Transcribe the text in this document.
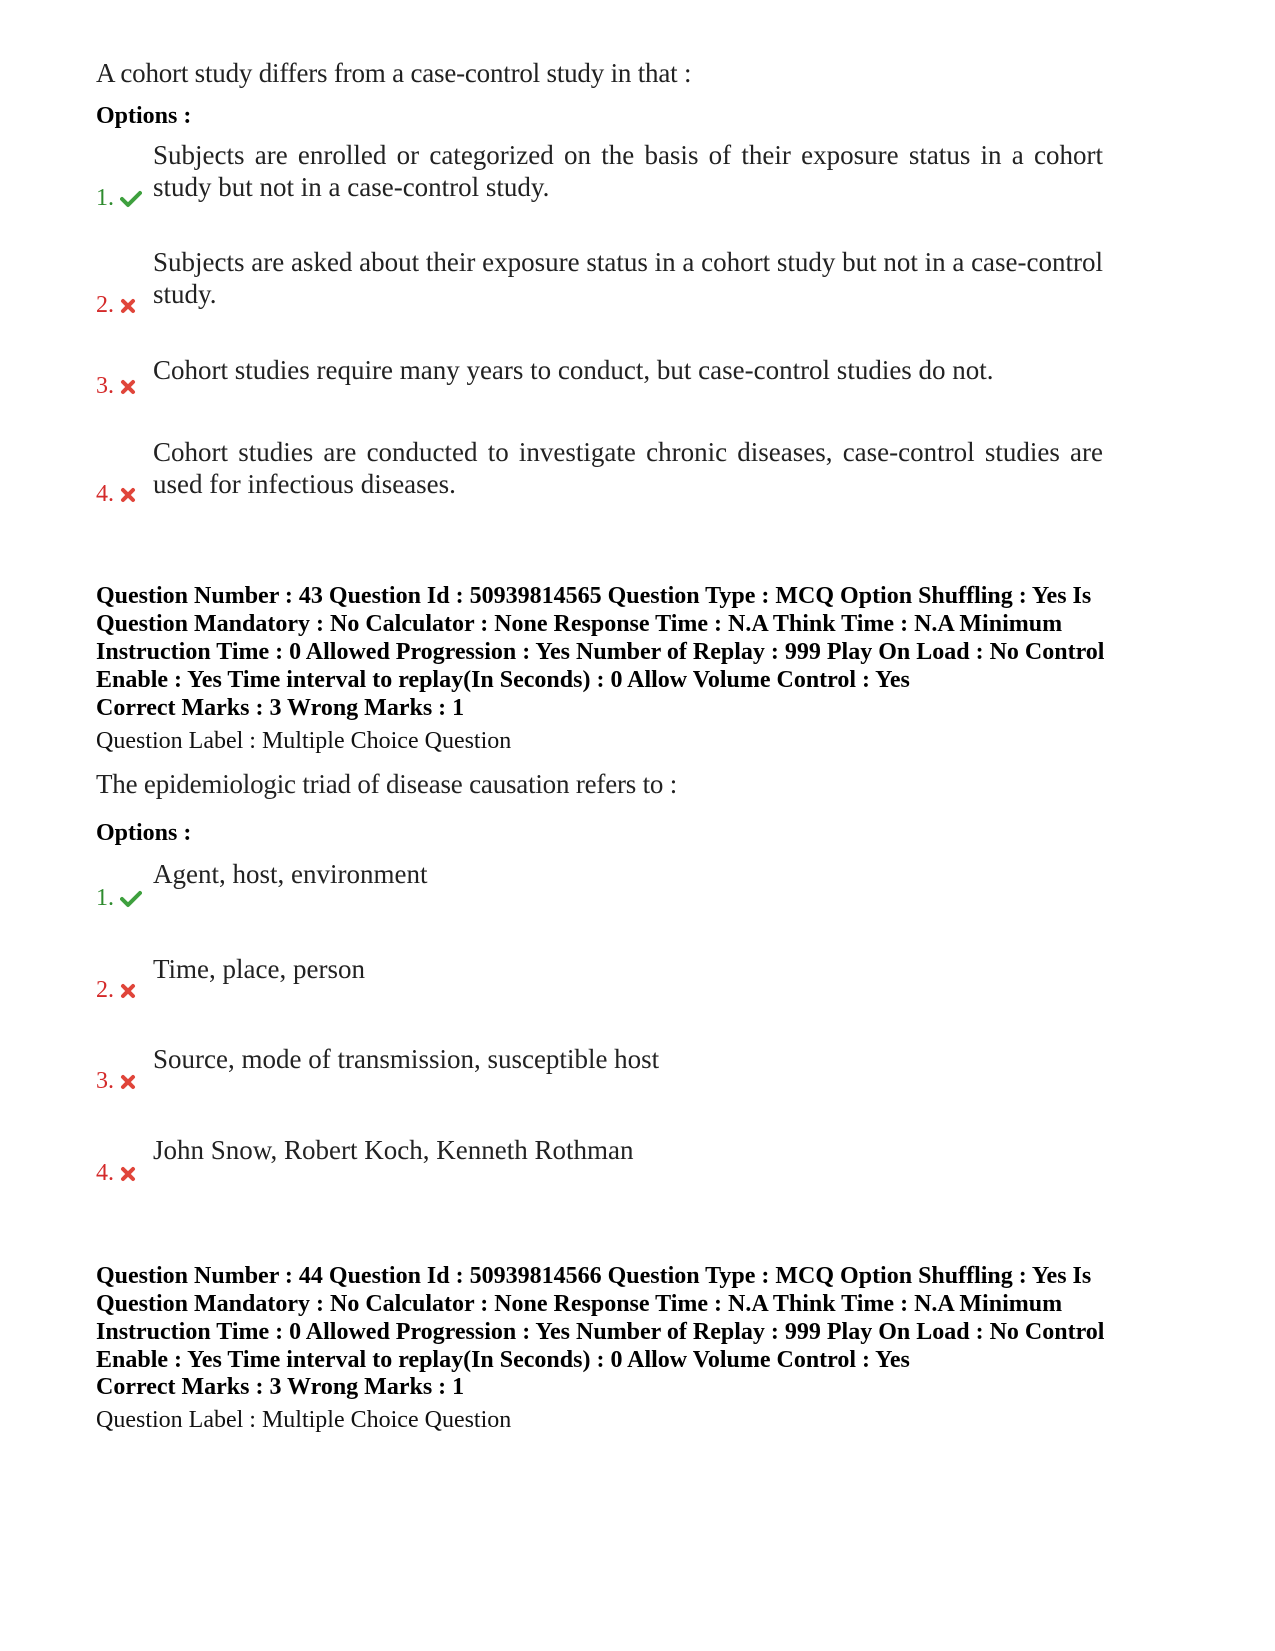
A cohort study differs from a case-control study in that :
Options :
Subjects are enrolled or categorized on the basis of their exposure status in a cohort study but not in a case-control study.
1.
Subjects are asked about their exposure status in a cohort study but not in a case-control study.
2.
Cohort studies require many years to conduct, but case-control studies do not.
3.
Cohort studies are conducted to investigate chronic diseases, case-control studies are used for infectious diseases.
4.
Question Number : 43 Question Id : 50939814565 Question Type : MCQ Option Shuffling : Yes Is Question Mandatory : No Calculator : None Response Time : N.A Think Time : N.A Minimum Instruction Time : 0 Allowed Progression : Yes Number of Replay : 999 Play On Load : No Control Enable : Yes Time interval to replay(In Seconds) : 0 Allow Volume Control : Yes
Correct Marks : 3 Wrong Marks : 1
Question Label : Multiple Choice Question
The epidemiologic triad of disease causation refers to :
Options :
Agent, host, environment
1.
Time, place, person
2.
Source, mode of transmission, susceptible host
3.
John Snow, Robert Koch, Kenneth Rothman
4.
Question Number : 44 Question Id : 50939814566 Question Type : MCQ Option Shuffling : Yes Is Question Mandatory : No Calculator : None Response Time : N.A Think Time : N.A Minimum Instruction Time : 0 Allowed Progression : Yes Number of Replay : 999 Play On Load : No Control Enable : Yes Time interval to replay(In Seconds) : 0 Allow Volume Control : Yes
Correct Marks : 3 Wrong Marks : 1
Question Label : Multiple Choice Question
